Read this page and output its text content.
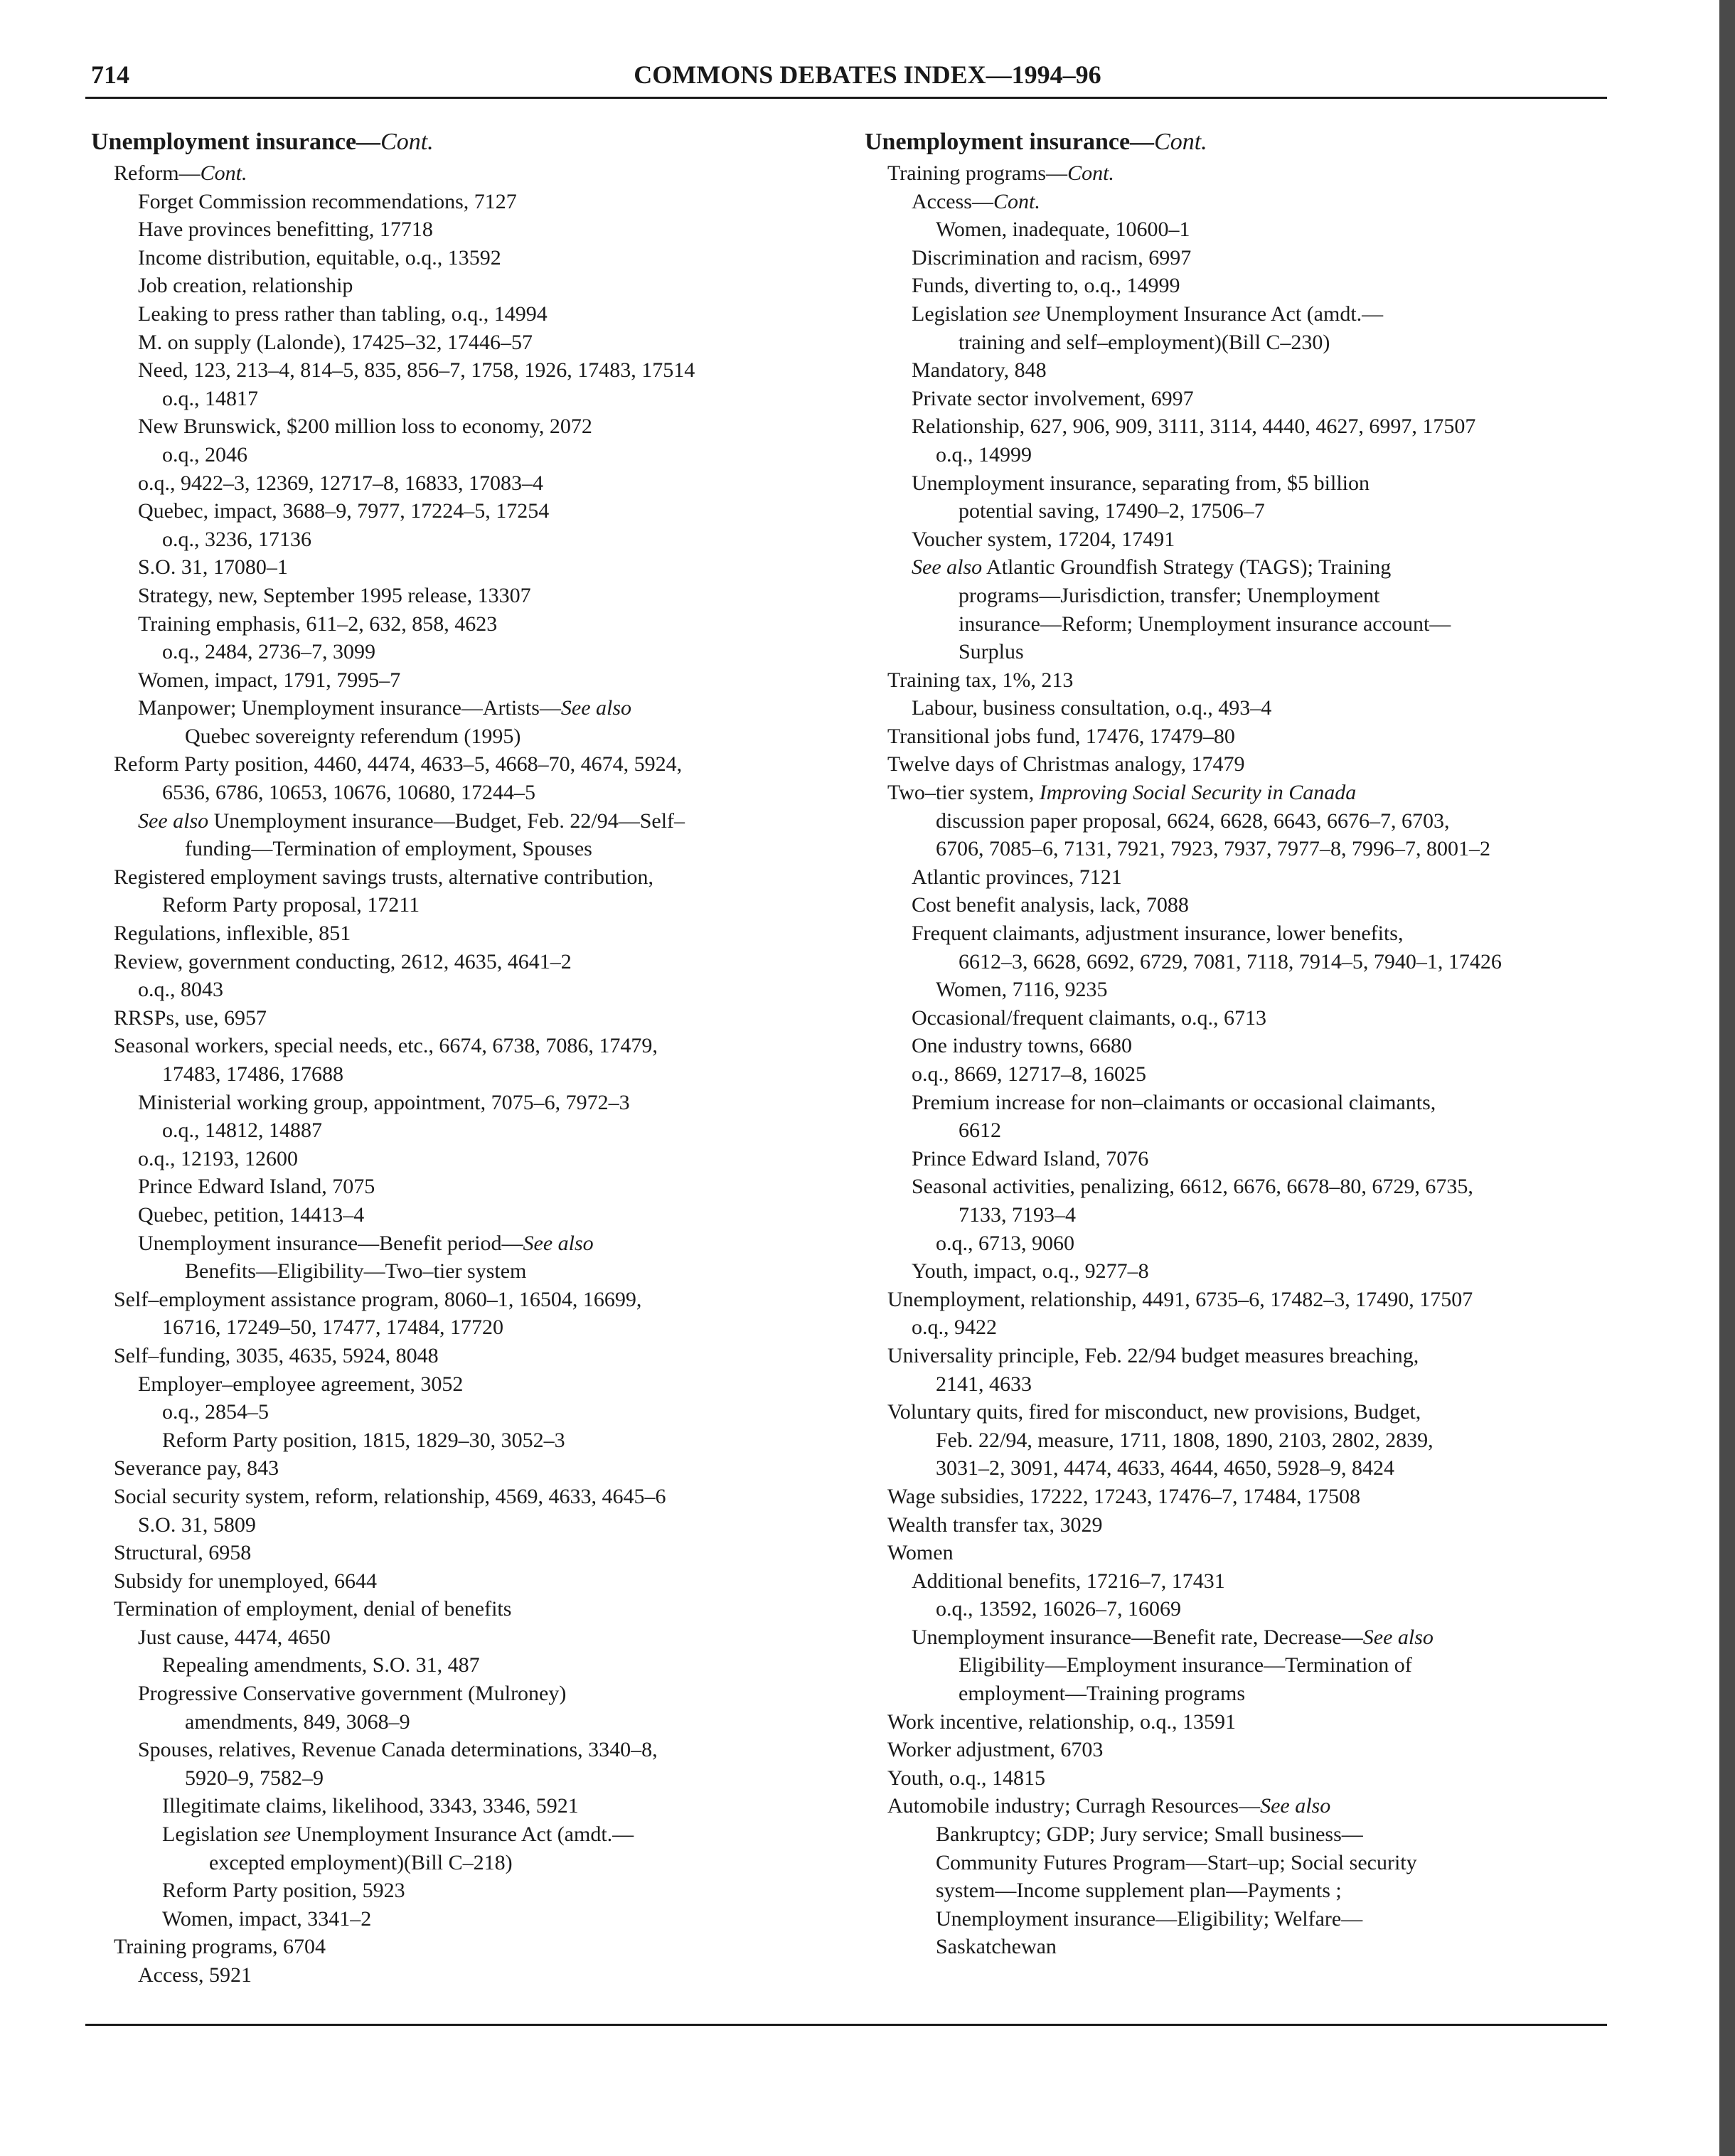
714	COMMONS DEBATES INDEX—1994–96
Unemployment insurance—Cont.
Reform—Cont.
Forget Commission recommendations, 7127
Have provinces benefitting, 17718
Income distribution, equitable, o.q., 13592
Job creation, relationship
Leaking to press rather than tabling, o.q., 14994
M. on supply (Lalonde), 17425–32, 17446–57
Need, 123, 213–4, 814–5, 835, 856–7, 1758, 1926, 17483, 17514
o.q., 14817
New Brunswick, $200 million loss to economy, 2072
o.q., 2046
o.q., 9422–3, 12369, 12717–8, 16833, 17083–4
Quebec, impact, 3688–9, 7977, 17224–5, 17254
o.q., 3236, 17136
S.O. 31, 17080–1
Strategy, new, September 1995 release, 13307
Training emphasis, 611–2, 632, 858, 4623
o.q., 2484, 2736–7, 3099
Women, impact, 1791, 7995–7
Manpower; Unemployment insurance—Artists—See also
Quebec sovereignty referendum (1995)
Reform Party position, 4460, 4474, 4633–5, 4668–70, 4674, 5924,
6536, 6786, 10653, 10676, 10680, 17244–5
See also Unemployment insurance—Budget, Feb. 22/94—Self–
funding—Termination of employment, Spouses
Registered employment savings trusts, alternative contribution,
Reform Party proposal, 17211
Regulations, inflexible, 851
Review, government conducting, 2612, 4635, 4641–2
o.q., 8043
RRSPs, use, 6957
Seasonal workers, special needs, etc., 6674, 6738, 7086, 17479,
17483, 17486, 17688
Ministerial working group, appointment, 7075–6, 7972–3
o.q., 14812, 14887
o.q., 12193, 12600
Prince Edward Island, 7075
Quebec, petition, 14413–4
Unemployment insurance—Benefit period—See also
Benefits—Eligibility—Two–tier system
Self–employment assistance program, 8060–1, 16504, 16699,
16716, 17249–50, 17477, 17484, 17720
Self–funding, 3035, 4635, 5924, 8048
Employer–employee agreement, 3052
o.q., 2854–5
Reform Party position, 1815, 1829–30, 3052–3
Severance pay, 843
Social security system, reform, relationship, 4569, 4633, 4645–6
S.O. 31, 5809
Structural, 6958
Subsidy for unemployed, 6644
Termination of employment, denial of benefits
Just cause, 4474, 4650
Repealing amendments, S.O. 31, 487
Progressive Conservative government (Mulroney)
amendments, 849, 3068–9
Spouses, relatives, Revenue Canada determinations, 3340–8,
5920–9, 7582–9
Illegitimate claims, likelihood, 3343, 3346, 5921
Legislation see Unemployment Insurance Act (amdt.—
excepted employment)(Bill C–218)
Reform Party position, 5923
Women, impact, 3341–2
Training programs, 6704
Access, 5921
Unemployment insurance—Cont.
Training programs—Cont.
Access—Cont.
Women, inadequate, 10600–1
Discrimination and racism, 6997
Funds, diverting to, o.q., 14999
Legislation see Unemployment Insurance Act (amdt.—
training and self–employment)(Bill C–230)
Mandatory, 848
Private sector involvement, 6997
Relationship, 627, 906, 909, 3111, 3114, 4440, 4627, 6997, 17507
o.q., 14999
Unemployment insurance, separating from, $5 billion
potential saving, 17490–2, 17506–7
Voucher system, 17204, 17491
See also Atlantic Groundfish Strategy (TAGS); Training
programs—Jurisdiction, transfer; Unemployment
insurance—Reform; Unemployment insurance account—
Surplus
Training tax, 1%, 213
Labour, business consultation, o.q., 493–4
Transitional jobs fund, 17476, 17479–80
Twelve days of Christmas analogy, 17479
Two–tier system, Improving Social Security in Canada
discussion paper proposal, 6624, 6628, 6643, 6676–7, 6703,
6706, 7085–6, 7131, 7921, 7923, 7937, 7977–8, 7996–7, 8001–2
Atlantic provinces, 7121
Cost benefit analysis, lack, 7088
Frequent claimants, adjustment insurance, lower benefits,
6612–3, 6628, 6692, 6729, 7081, 7118, 7914–5, 7940–1, 17426
Women, 7116, 9235
Occasional/frequent claimants, o.q., 6713
One industry towns, 6680
o.q., 8669, 12717–8, 16025
Premium increase for non–claimants or occasional claimants,
6612
Prince Edward Island, 7076
Seasonal activities, penalizing, 6612, 6676, 6678–80, 6729, 6735,
7133, 7193–4
o.q., 6713, 9060
Youth, impact, o.q., 9277–8
Unemployment, relationship, 4491, 6735–6, 17482–3, 17490, 17507
o.q., 9422
Universality principle, Feb. 22/94 budget measures breaching,
2141, 4633
Voluntary quits, fired for misconduct, new provisions, Budget,
Feb. 22/94, measure, 1711, 1808, 1890, 2103, 2802, 2839,
3031–2, 3091, 4474, 4633, 4644, 4650, 5928–9, 8424
Wage subsidies, 17222, 17243, 17476–7, 17484, 17508
Wealth transfer tax, 3029
Women
Additional benefits, 17216–7, 17431
o.q., 13592, 16026–7, 16069
Unemployment insurance—Benefit rate, Decrease—See also
Eligibility—Employment insurance—Termination of
employment—Training programs
Work incentive, relationship, o.q., 13591
Worker adjustment, 6703
Youth, o.q., 14815
Automobile industry; Curragh Resources—See also
Bankruptcy; GDP; Jury service; Small business—
Community Futures Program—Start–up; Social security
system—Income supplement plan—Payments ;
Unemployment insurance—Eligibility; Welfare—
Saskatchewan
